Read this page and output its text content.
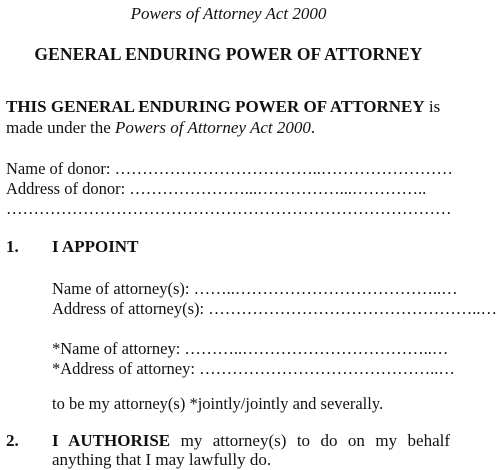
Powers of Attorney Act 2000
GENERAL ENDURING POWER OF ATTORNEY
THIS GENERAL ENDURING POWER OF ATTORNEY is
made under the Powers of Attorney Act 2000.
Name of donor: ………………………………..……………………
Address of donor: …………………...……………...…………..
………………………………………………………………………
1. I APPOINT
Name of attorney(s): ……..………………………………..…
Address of attorney(s): …………………………………………..…
*Name of attorney: ………..……………………………..…
*Address of attorney: ……………………………………..…
to be my attorney(s) *jointly/jointly and severally.
2. I AUTHORISE my attorney(s) to do on my behalf
anything that I may lawfully do.
